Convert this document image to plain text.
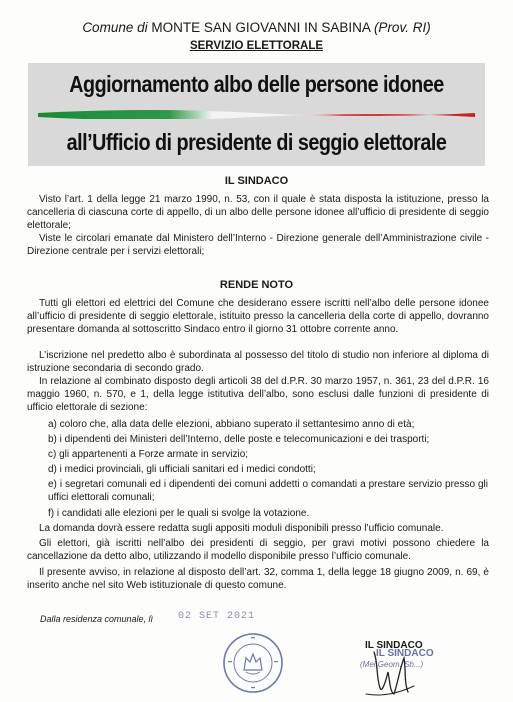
Comune di MONTE SAN GIOVANNI IN SABINA (Prov. RI)
SERVIZIO ELETTORALE
Aggiornamento albo delle persone idonee
all’Ufficio di presidente di seggio elettorale
IL SINDACO
Visto l’art. 1 della legge 21 marzo 1990, n. 53, con il quale è stata disposta la istituzione, presso la cancelleria di ciascuna corte di appello, di un albo delle persone idonee all’ufficio di presidente di seggio elettorale;
Viste le circolari emanate dal Ministero dell’Interno - Direzione generale dell’Amministrazione civile - Direzione centrale per i servizi elettorali;
RENDE NOTO
Tutti gli elettori ed elettrici del Comune che desiderano essere iscritti nell’albo delle persone idonee all’ufficio di presidente di seggio elettorale, istituito presso la cancelleria della corte di appello, dovranno presentare domanda al sottoscritto Sindaco entro il giorno 31 ottobre corrente anno.
L’iscrizione nel predetto albo è subordinata al possesso del titolo di studio non inferiore al diploma di istruzione secondaria di secondo grado.
In relazione al combinato disposto degli articoli 38 del d.P.R. 30 marzo 1957, n. 361, 23 del d.P.R. 16 maggio 1960, n. 570, e 1, della legge istitutiva dell’albo, sono esclusi dalle funzioni di presidente di ufficio elettorale di sezione:
a) coloro che, alla data delle elezioni, abbiano superato il settantesimo anno di età;
b) i dipendenti dei Ministeri dell’Interno, delle poste e telecomunicazioni e dei trasporti;
c) gli appartenenti a Forze armate in servizio;
d) i medici provinciali, gli ufficiali sanitari ed i medici condotti;
e) i segretari comunali ed i dipendenti dei comuni addetti o comandati a prestare servizio presso gli uffici elettorali comunali;
f) i candidati alle elezioni per le quali si svolge la votazione.
La domanda dovrà essere redatta sugli appositi moduli disponibili presso l’ufficio comunale.
Gli elettori, già iscritti nell’albo dei presidenti di seggio, per gravi motivi possono chiedere la cancellazione da detto albo, utilizzando il modello disponibile presso l’ufficio comunale.
Il presente avviso, in relazione al disposto dell’art. 32, comma 1, della legge 18 giugno 2009, n. 69, è inserito anche nel sito Web istituzionale di questo comune.
Dalla residenza comunale, lì 02 SET 2021
IL SINDACO
IL SINDACO
(Mei Geom. Sb...)
